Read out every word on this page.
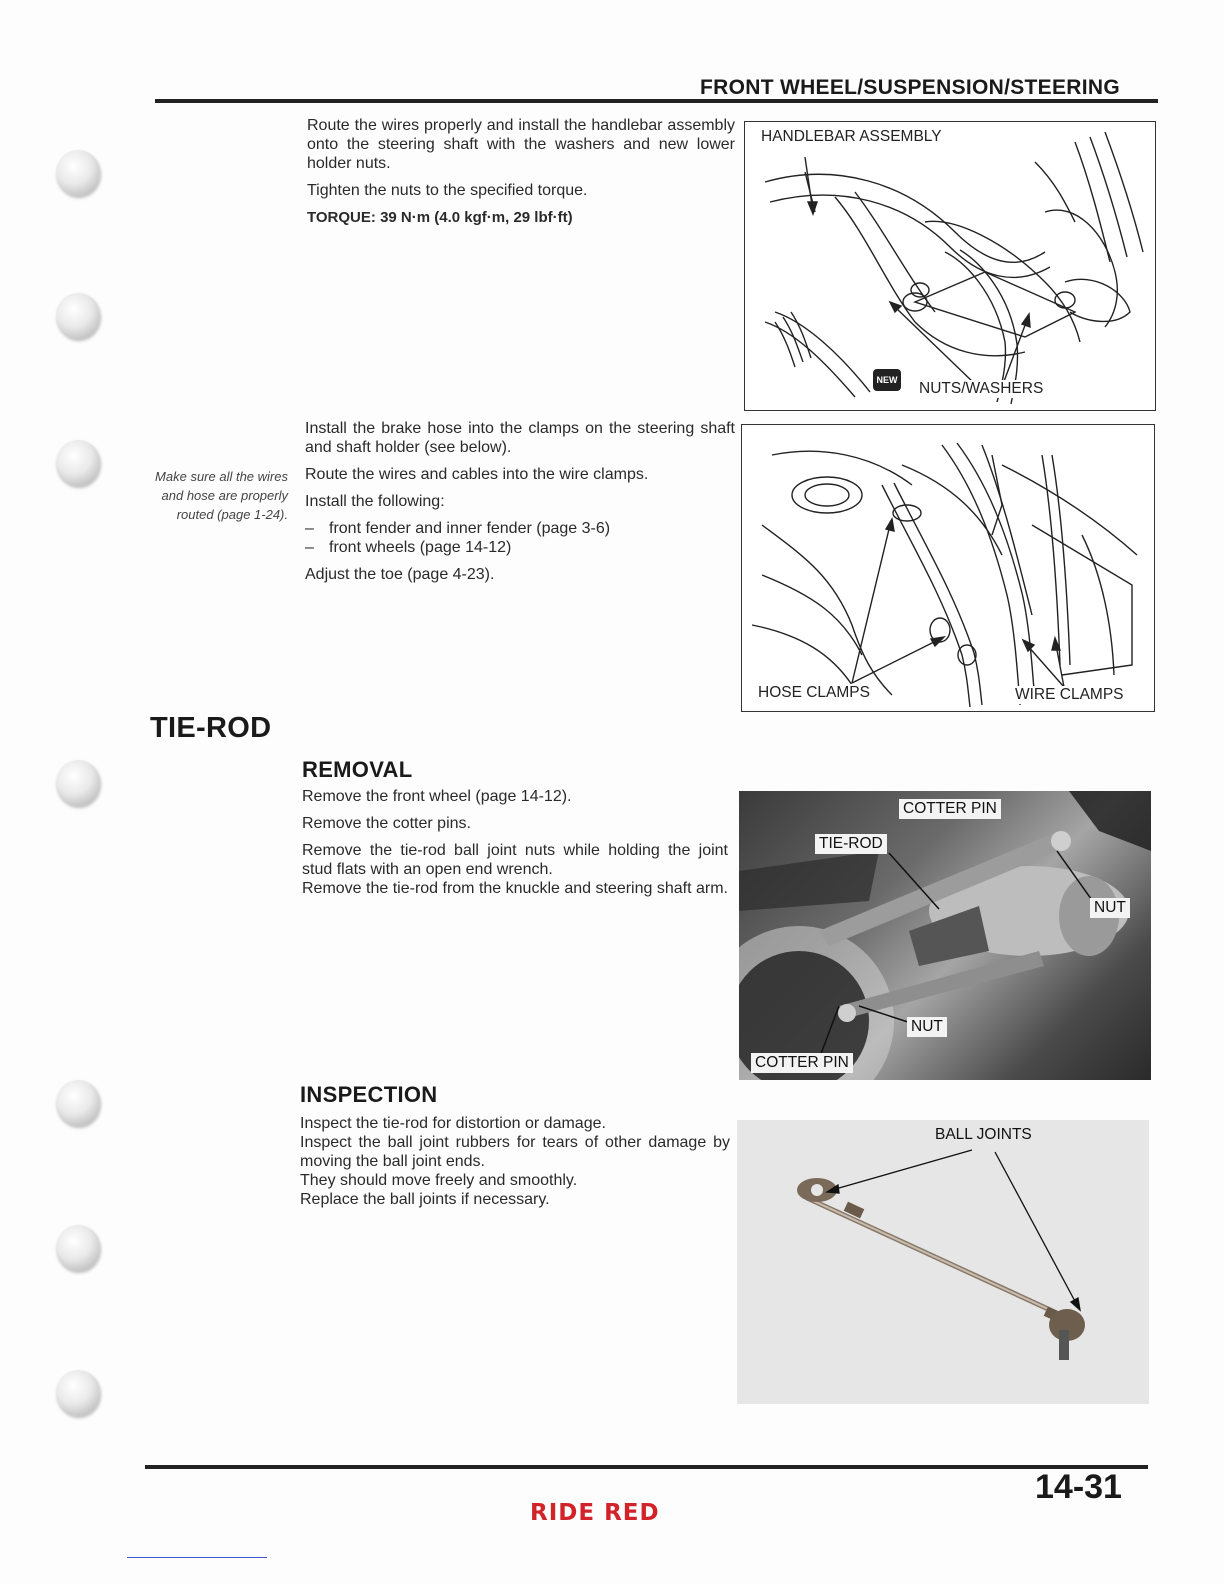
FRONT WHEEL/SUSPENSION/STEERING

Route the wires properly and install the handlebar assembly onto the steering shaft with the washers and new lower holder nuts.

Tighten the nuts to the specified torque.

TORQUE: 39 N·m (4.0 kgf·m, 29 lbf·ft)

HANDLEBAR ASSEMBLY
NEW NUTS/WASHERS
Make sure all the wires and hose are properly routed (page 1-24).

Install the brake hose into the clamps on the steering shaft and shaft holder (see below).

Route the wires and cables into the wire clamps.

Install the following:

– front fender and inner fender (page 3-6)
– front wheels (page 14-12)

Adjust the toe (page 4-23).

HOSE CLAMPS	WIRE CLAMPS
TIE-ROD
REMOVAL

Remove the front wheel (page 14-12).

Remove the cotter pins.

Remove the tie-rod ball joint nuts while holding the joint stud flats with an open end wrench.

Remove the tie-rod from the knuckle and steering shaft arm.

COTTER PIN
TIE-ROD
NUT
NUT
COTTER PIN
INSPECTION
Inspect the tie-rod for distortion or damage.
Inspect the ball joint rubbers for tears of other damage by moving the ball joint ends.
They should move freely and smoothly.
Replace the ball joints if necessary.
BALL JOINTS
14-31
RIDE RED
